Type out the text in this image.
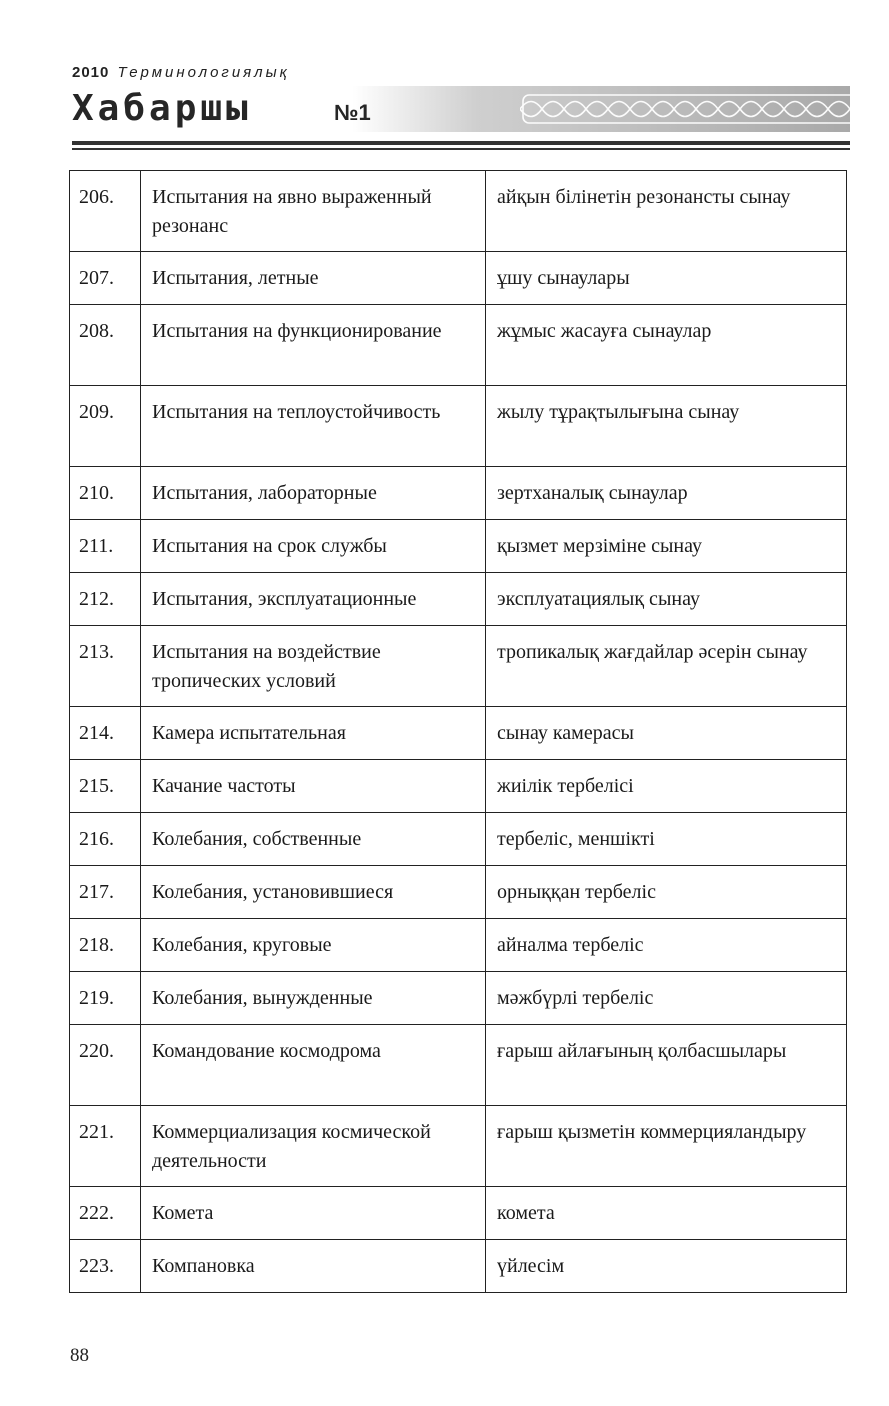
2010 Терминологиялық
Хабаршы	№1
206.	Испытания на явно выраженный резонанс	айқын білінетін резонансты сынау
207.	Испытания, летные	ұшу сынаулары
208.	Испытания на функционирование	жұмыс жасауға сынаулар
209.	Испытания на теплоустойчивость	жылу тұрақтылығына сынау
210.	Испытания, лабораторные	зертханалық сынаулар
211.	Испытания на срок службы	қызмет мерзіміне сынау
212.	Испытания, эксплуатационные	эксплуатациялық сынау
213.	Испытания на воздействие тропических условий	тропикалық жағдайлар әсерін сынау
214.	Камера испытательная	сынау камерасы
215.	Качание частоты	жиілік тербелісі
216.	Колебания, собственные	тербеліс, меншікті
217.	Колебания, установившиеся	орныққан тербеліс
218.	Колебания, круговые	айналма тербеліс
219.	Колебания, вынужденные	мәжбүрлі тербеліс
220.	Командование космодрома	ғарыш айлағының қолбасшылары
221.	Коммерциализация космической деятельности	ғарыш қызметін коммерцияландыру
222.	Комета	комета
223.	Компановка	үйлесім
88
